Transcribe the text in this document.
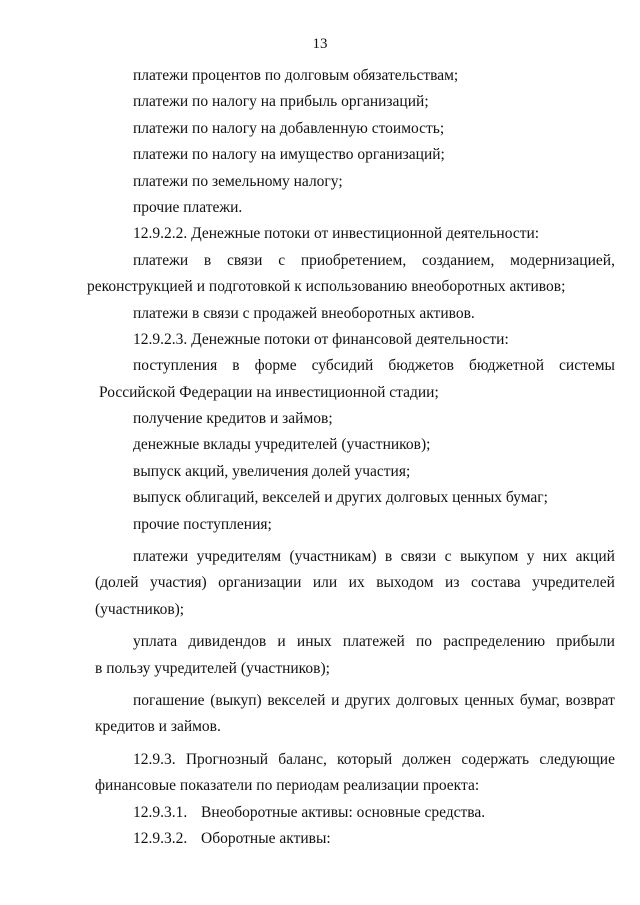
13
платежи процентов по долговым обязательствам;
платежи по налогу на прибыль организаций;
платежи по налогу на добавленную стоимость;
платежи по налогу на имущество организаций;
платежи по земельному налогу;
прочие платежи.
12.9.2.2. Денежные потоки от инвестиционной деятельности:
платежи в связи с приобретением, созданием, модернизацией,
реконструкцией и подготовкой к использованию внеоборотных активов;
платежи в связи с продажей внеоборотных активов.
12.9.2.3. Денежные потоки от финансовой деятельности:
поступления в форме субсидий бюджетов бюджетной системы
Российской Федерации на инвестиционной стадии;
получение кредитов и займов;
денежные вклады учредителей (участников);
выпуск акций, увеличения долей участия;
выпуск облигаций, векселей и других долговых ценных бумаг;
прочие поступления;
платежи учредителям (участникам) в связи с выкупом у них акций
(долей участия) организации или их выходом из состава учредителей
(участников);
уплата дивидендов и иных платежей по распределению прибыли
в пользу учредителей (участников);
погашение (выкуп) векселей и других долговых ценных бумаг, возврат
кредитов и займов.
12.9.3. Прогнозный баланс, который должен содержать следующие
финансовые показатели по периодам реализации проекта:
12.9.3.1. Внеоборотные активы: основные средства.
12.9.3.2. Оборотные активы:
